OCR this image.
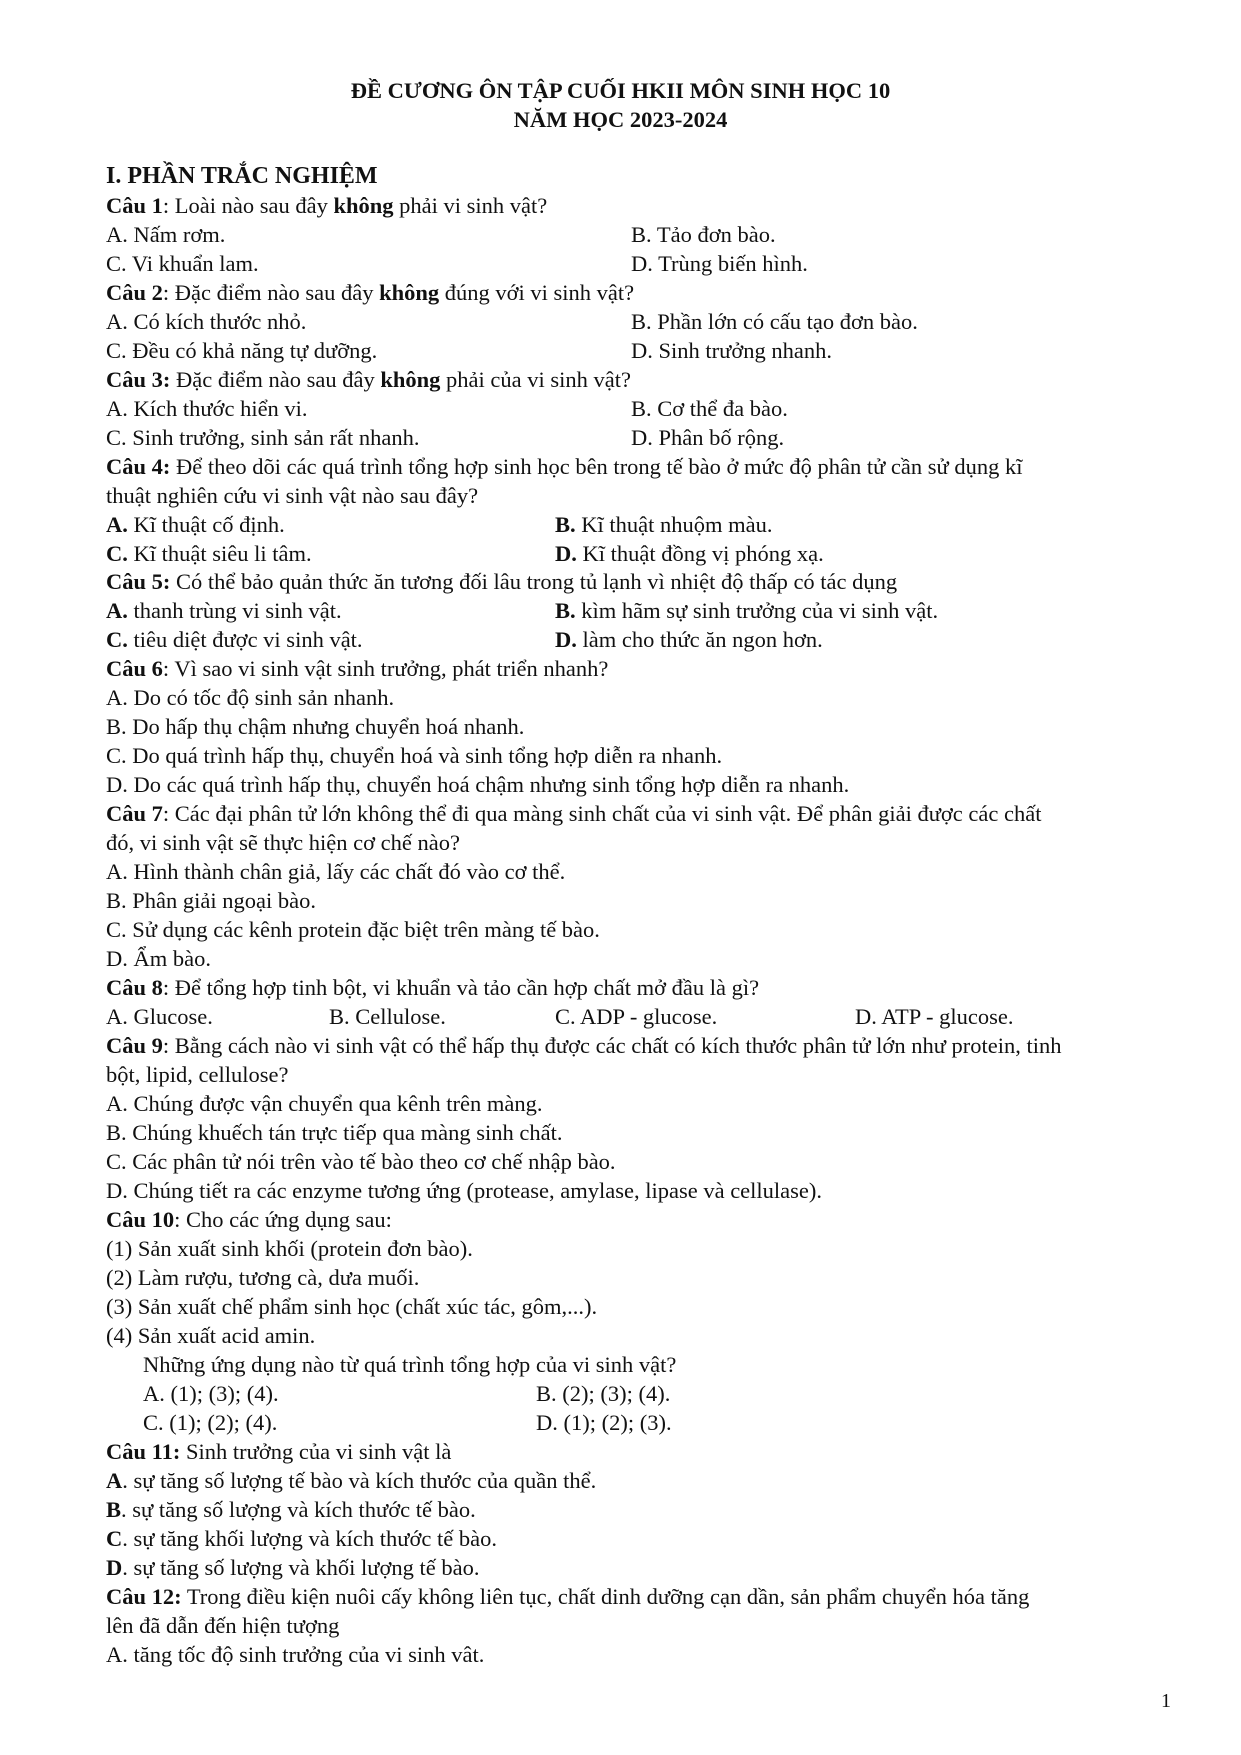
ĐỀ CƯƠNG ÔN TẬP CUỐI HKII MÔN SINH HỌC 10
NĂM HỌC 2023-2024
I. PHẦN TRẮC NGHIỆM
Câu 1: Loài nào sau đây không phải vi sinh vật?
A. Nấm rơm.	B. Tảo đơn bào.
C. Vi khuẩn lam.	D. Trùng biến hình.
Câu 2: Đặc điểm nào sau đây không đúng với vi sinh vật?
A. Có kích thước nhỏ.	B. Phần lớn có cấu tạo đơn bào.
C. Đều có khả năng tự dưỡng.	D. Sinh trưởng nhanh.
Câu 3: Đặc điểm nào sau đây không phải của vi sinh vật?
A. Kích thước hiển vi.	B. Cơ thể đa bào.
C. Sinh trưởng, sinh sản rất nhanh.	D. Phân bố rộng.
Câu 4: Để theo dõi các quá trình tổng hợp sinh học bên trong tế bào ở mức độ phân tử cần sử dụng kĩ
thuật nghiên cứu vi sinh vật nào sau đây?
A. Kĩ thuật cố định.	B. Kĩ thuật nhuộm màu.
C. Kĩ thuật siêu li tâm.	D. Kĩ thuật đồng vị phóng xạ.
Câu 5: Có thể bảo quản thức ăn tương đối lâu trong tủ lạnh vì nhiệt độ thấp có tác dụng
A. thanh trùng vi sinh vật.	B. kìm hãm sự sinh trưởng của vi sinh vật.
C. tiêu diệt được vi sinh vật.	D. làm cho thức ăn ngon hơn.
Câu 6: Vì sao vi sinh vật sinh trưởng, phát triển nhanh?
A. Do có tốc độ sinh sản nhanh.
B. Do hấp thụ chậm nhưng chuyển hoá nhanh.
C. Do quá trình hấp thụ, chuyển hoá và sinh tổng hợp diễn ra nhanh.
D. Do các quá trình hấp thụ, chuyển hoá chậm nhưng sinh tổng hợp diễn ra nhanh.
Câu 7: Các đại phân tử lớn không thể đi qua màng sinh chất của vi sinh vật. Để phân giải được các chất
đó, vi sinh vật sẽ thực hiện cơ chế nào?
A. Hình thành chân giả, lấy các chất đó vào cơ thể.
B. Phân giải ngoại bào.
C. Sử dụng các kênh protein đặc biệt trên màng tế bào.
D. Ẩm bào.
Câu 8: Để tổng hợp tinh bột, vi khuẩn và tảo cần hợp chất mở đầu là gì?
A. Glucose.	B. Cellulose.	C. ADP - glucose.	D. ATP - glucose.
Câu 9: Bằng cách nào vi sinh vật có thể hấp thụ được các chất có kích thước phân tử lớn như protein, tinh
bột, lipid, cellulose?
A. Chúng được vận chuyển qua kênh trên màng.
B. Chúng khuếch tán trực tiếp qua màng sinh chất.
C. Các phân tử nói trên vào tế bào theo cơ chế nhập bào.
D. Chúng tiết ra các enzyme tương ứng (protease, amylase, lipase và cellulase).
Câu 10: Cho các ứng dụng sau:
(1) Sản xuất sinh khối (protein đơn bào).
(2) Làm rượu, tương cà, dưa muối.
(3) Sản xuất chế phẩm sinh học (chất xúc tác, gôm,...).
(4) Sản xuất acid amin.
Những ứng dụng nào từ quá trình tổng hợp của vi sinh vật?
A. (1); (3); (4).	B. (2); (3); (4).
C. (1); (2); (4).	D. (1); (2); (3).
Câu 11: Sinh trưởng của vi sinh vật là
A. sự tăng số lượng tế bào và kích thước của quần thể.
B. sự tăng số lượng và kích thước tế bào.
C. sự tăng khối lượng và kích thước tế bào.
D. sự tăng số lượng và khối lượng tế bào.
Câu 12: Trong điều kiện nuôi cấy không liên tục, chất dinh dưỡng cạn dần, sản phẩm chuyển hóa tăng
lên đã dẫn đến hiện tượng
A. tăng tốc độ sinh trưởng của vi sinh vât.
1
